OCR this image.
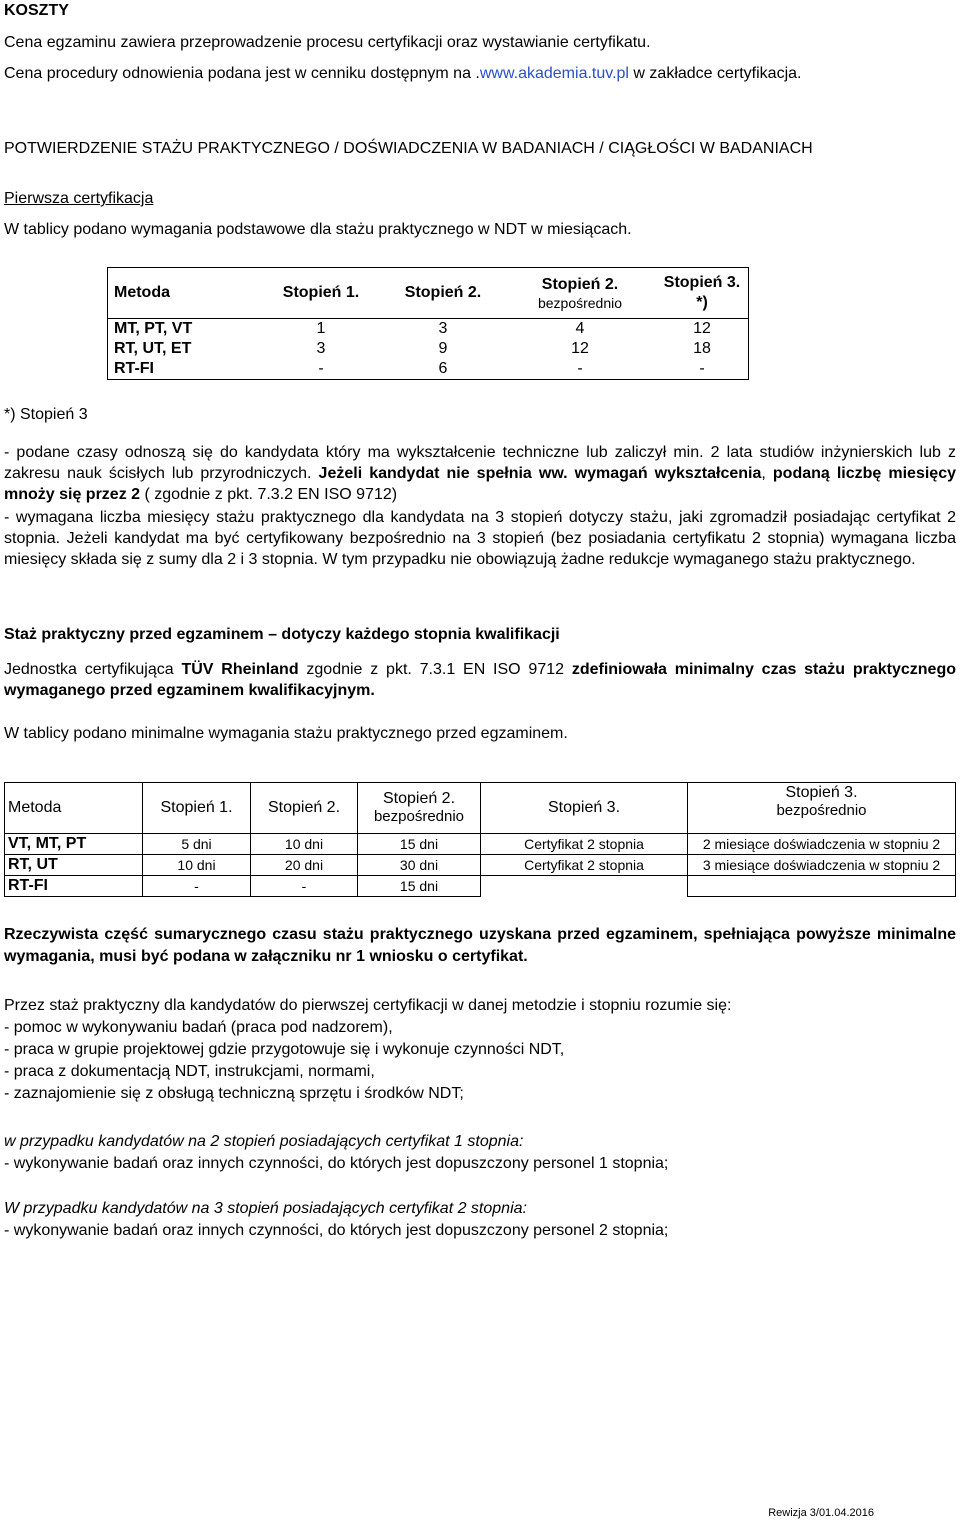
KOSZTY

Cena egzaminu zawiera przeprowadzenie procesu certyfikacji oraz wystawianie certyfikatu.

Cena procedury odnowienia podana jest w cenniku dostępnym na .www.akademia.tuv.pl w zakładce certyfikacja.

POTWIERDZENIE STAŻU PRAKTYCZNEGO / DOŚWIADCZENIA W BADANIACH / CIĄGŁOŚCI W BADANIACH

Pierwsza certyfikacja

W tablicy podano wymagania podstawowe dla stażu praktycznego w NDT w miesiącach.

Metoda	Stopień 1.	Stopień 2.	Stopień 2.
bezpośrednio	Stopień 3. *)
MT, PT, VT	1	3	4	12
RT, UT, ET	3	9	12	18
RT-FI	-	6	-	-

*) Stopień 3

- podane czasy odnoszą się do kandydata który ma wykształcenie techniczne lub zaliczył min. 2 lata studiów inżynierskich lub z zakresu nauk ścisłych lub przyrodniczych. Jeżeli kandydat nie spełnia ww. wymagań wykształcenia, podaną liczbę miesięcy mnoży się przez 2 ( zgodnie z pkt. 7.3.2 EN ISO 9712)

- wymagana liczba miesięcy stażu praktycznego dla kandydata na 3 stopień dotyczy stażu, jaki zgromadził posiadając certyfikat 2 stopnia. Jeżeli kandydat ma być certyfikowany bezpośrednio na 3 stopień (bez posiadania certyfikatu 2 stopnia) wymagana liczba miesięcy składa się z sumy dla 2 i 3 stopnia. W tym przypadku nie obowiązują żadne redukcje wymaganego stażu praktycznego.

Staż praktyczny przed egzaminem – dotyczy każdego stopnia kwalifikacji

Jednostka certyfikująca TÜV Rheinland zgodnie z pkt. 7.3.1 EN ISO 9712 zdefiniowała minimalny czas stażu praktycznego wymaganego przed egzaminem kwalifikacyjnym.

W tablicy podano minimalne wymagania stażu praktycznego przed egzaminem.

Metoda	Stopień 1.	Stopień 2.	Stopień 2.
bezpośrednio	Stopień 3.	Stopień 3.
bezpośrednio

VT, MT, PT	5 dni	10 dni	15 dni	Certyfikat 2 stopnia	2 miesiące doświadczenia w stopniu 2
RT, UT	10 dni	20 dni	30 dni	Certyfikat 2 stopnia	3 miesiące doświadczenia w stopniu 2
RT-FI	-	-	15 dni		

Rzeczywista część sumarycznego czasu stażu praktycznego uzyskana przed egzaminem, spełniająca powyższe minimalne wymagania, musi być podana w załączniku nr 1 wniosku o certyfikat.

Przez staż praktyczny dla kandydatów do pierwszej certyfikacji w danej metodzie i stopniu rozumie się:

- pomoc w wykonywaniu badań (praca pod nadzorem),

- praca w grupie projektowej gdzie przygotowuje się i wykonuje czynności NDT,

- praca z dokumentacją NDT, instrukcjami, normami,

- zaznajomienie się z obsługą techniczną sprzętu i środków NDT;

w przypadku kandydatów na 2 stopień posiadających certyfikat 1 stopnia:

- wykonywanie badań oraz innych czynności, do których jest dopuszczony personel 1 stopnia;

W przypadku kandydatów na 3 stopień posiadających certyfikat 2 stopnia:

- wykonywanie badań oraz innych czynności, do których jest dopuszczony personel 2 stopnia;

Rewizja 3/01.04.2016
